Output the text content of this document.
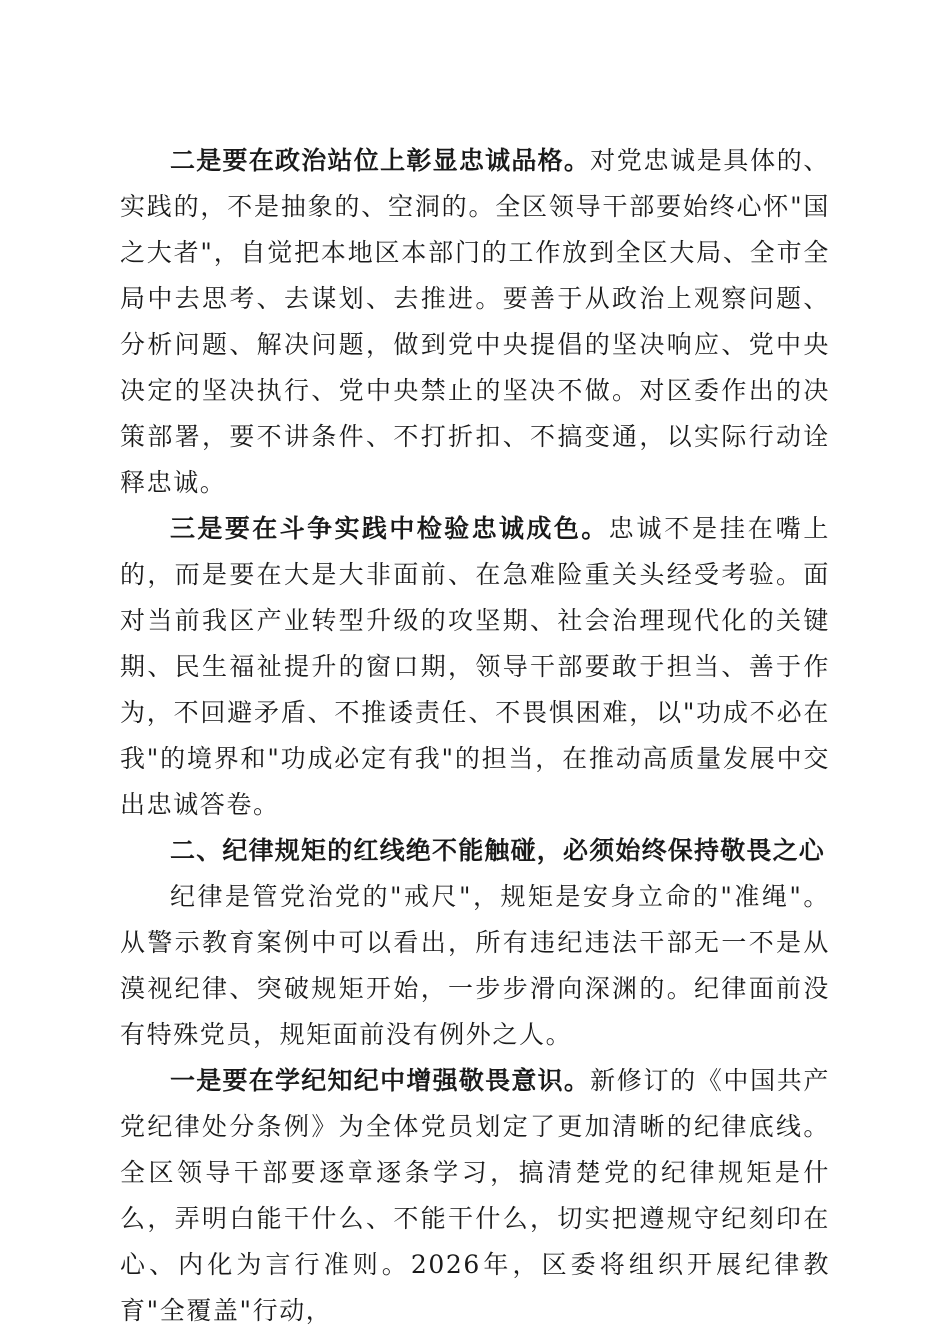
二是要在政治站位上彰显忠诚品格。对党忠诚是具体的、实践的，不是抽象的、空洞的。全区领导干部要始终心怀"国之大者"，自觉把本地区本部门的工作放到全区大局、全市全局中去思考、去谋划、去推进。要善于从政治上观察问题、分析问题、解决问题，做到党中央提倡的坚决响应、党中央决定的坚决执行、党中央禁止的坚决不做。对区委作出的决策部署，要不讲条件、不打折扣、不搞变通，以实际行动诠释忠诚。

三是要在斗争实践中检验忠诚成色。忠诚不是挂在嘴上的，而是要在大是大非面前、在急难险重关头经受考验。面对当前我区产业转型升级的攻坚期、社会治理现代化的关键期、民生福祉提升的窗口期，领导干部要敢于担当、善于作为，不回避矛盾、不推诿责任、不畏惧困难，以"功成不必在我"的境界和"功成必定有我"的担当，在推动高质量发展中交出忠诚答卷。

二、纪律规矩的红线绝不能触碰，必须始终保持敬畏之心

纪律是管党治党的"戒尺"，规矩是安身立命的"准绳"。从警示教育案例中可以看出，所有违纪违法干部无一不是从漠视纪律、突破规矩开始，一步步滑向深渊的。纪律面前没有特殊党员，规矩面前没有例外之人。

一是要在学纪知纪中增强敬畏意识。新修订的《中国共产党纪律处分条例》为全体党员划定了更加清晰的纪律底线。全区领导干部要逐章逐条学习，搞清楚党的纪律规矩是什么，弄明白能干什么、不能干什么，切实把遵规守纪刻印在心、内化为言行准则。2026年，区委将组织开展纪律教育"全覆盖"行动，
